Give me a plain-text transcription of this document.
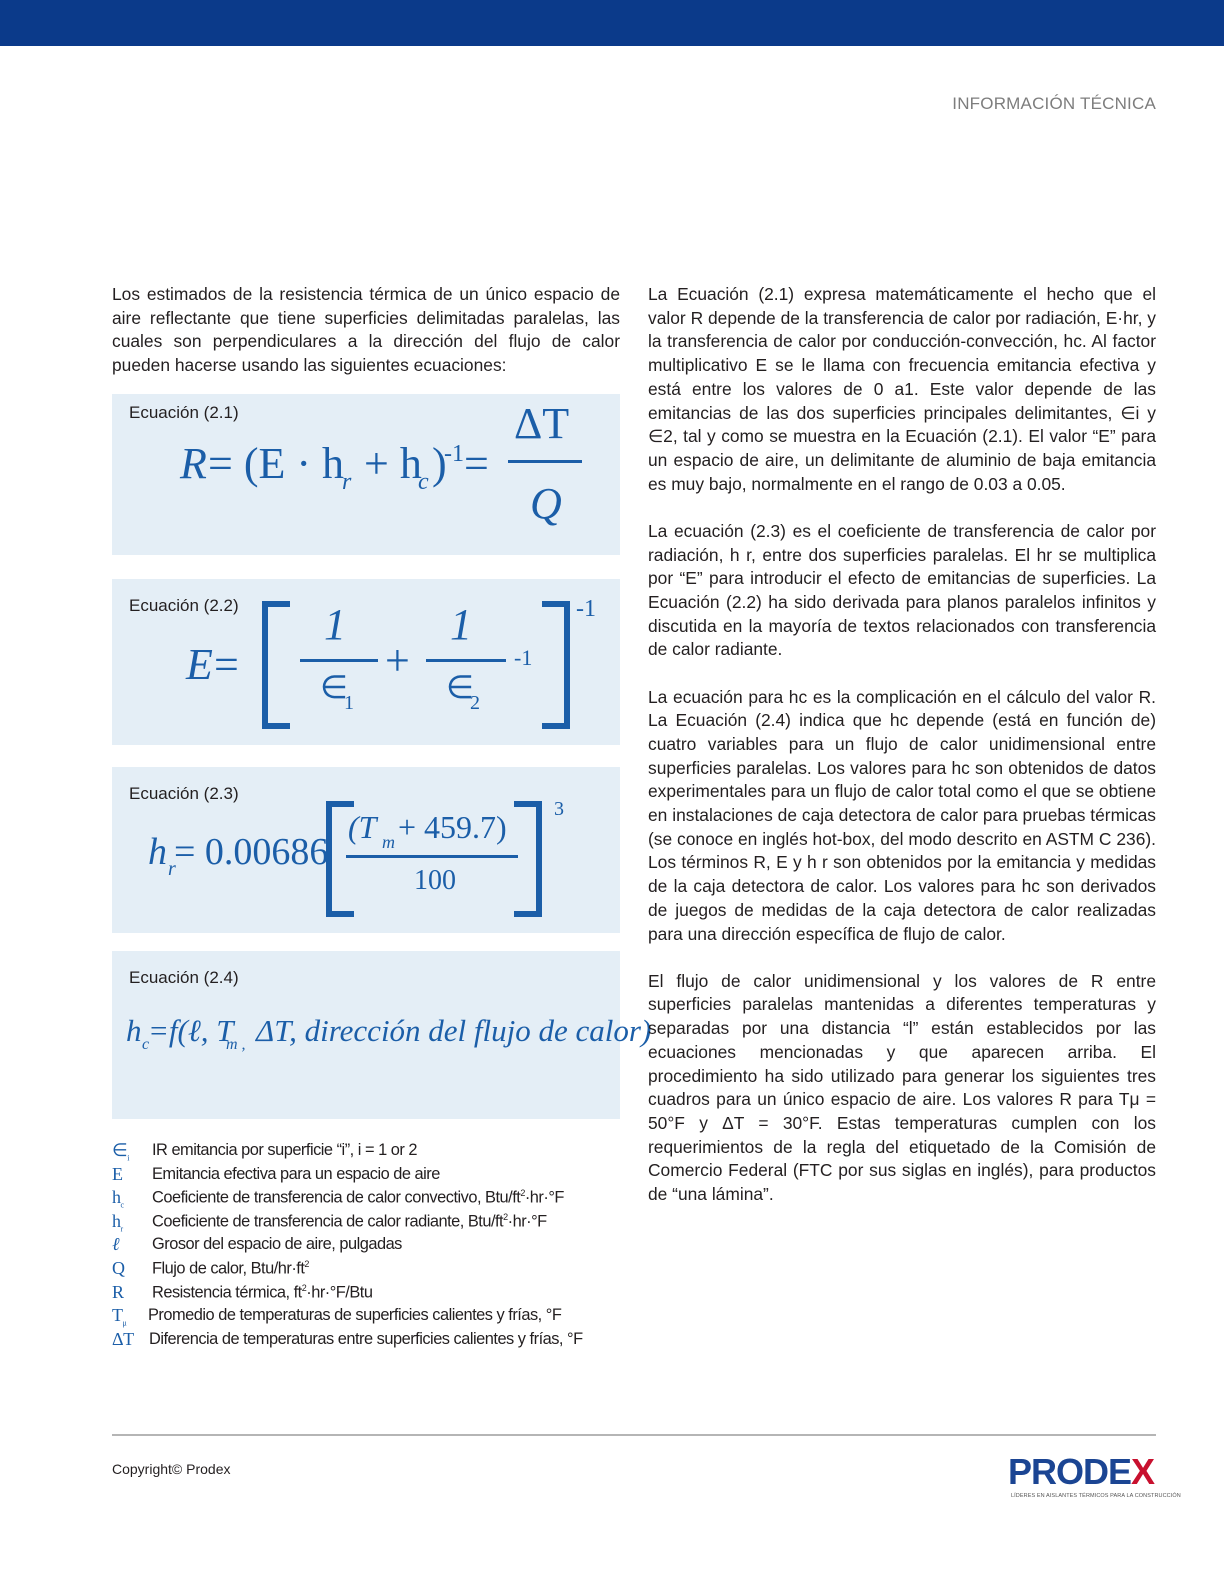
INFORMACIÓN TÉCNICA

Los estimados de la resistencia térmica de un único espacio de aire reflectante que tiene superficies delimitadas paralelas, las cuales son perpendiculares a la dirección del flujo de calor pueden hacerse usando las siguientes ecuaciones:

Ecuación (2.1)
R = (E · h
r + h
c )
-1 =
ΔT
Q
Ecuación (2.2)
E =
1
∈
1
+
1
∈
2
-1
-1
Ecuación (2.3)
h r
= 0.00686
(T m + 459.7)
100
3
Ecuación (2.4)
h c
=f(ℓ, T
m , ΔT, dirección del flujo de calor)
$\in_i$ IR emitancia por superficie “i”, i = 1 or 2
E Emitancia efectiva para un espacio de aire
$h_c$ Coeficiente de transferencia de calor convectivo, Btu/$ft^2\cdot hr\cdot^\circ F$
$h_r$ Coeficiente de transferencia de calor radiante, Btu/$ft^2\cdot hr\cdot^\circ F$
ℓ Grosor del espacio de aire, pulgadas
Q Flujo de calor, Btu/$hr\cdot ft^2$
R Resistencia térmica, $ft^2\cdot hr\cdot^\circ F$/Btu
$T_\mu$ Promedio de temperaturas de superficies calientes y frías, °F
ΔT Diferencia de temperaturas entre superficies calientes y frías, °F

La Ecuación (2.1) expresa matemáticamente el hecho que el valor R depende de la transferencia de calor por radiación, E·hr, y la transferencia de calor por conducción-convección, hc. Al factor multiplicativo E se le llama con frecuencia emitancia efectiva y está entre los valores de 0 a1. Este valor depende de las emitancias de las dos superficies principales delimitantes, ∈i y ∈2, tal y como se muestra en la Ecuación (2.1). El valor “E” para un espacio de aire, un delimitante de aluminio de baja emitancia es muy bajo, normalmente en el rango de 0.03 a 0.05.

La ecuación (2.3) es el coeficiente de transferencia de calor por radiación, h r, entre dos superficies paralelas. El hr se multiplica por “E” para introducir el efecto de emitancias de superficies. La Ecuación (2.2) ha sido derivada para planos paralelos infinitos y discutida en la mayoría de textos relacionados con transferencia de calor radiante.

La ecuación para hc es la complicación en el cálculo del valor R. La Ecuación (2.4) indica que hc depende (está en función de) cuatro variables para un flujo de calor unidimensional entre superficies paralelas. Los valores para hc son obtenidos de datos experimentales para un flujo de calor total como el que se obtiene en instalaciones de caja detectora de calor para pruebas térmicas (se conoce en inglés hot-box, del modo descrito en ASTM C 236). Los términos R, E y h r son obtenidos por la emitancia y medidas de la caja detectora de calor. Los valores para hc son derivados de juegos de medidas de la caja detectora de calor realizadas para una dirección específica de flujo de calor.

El flujo de calor unidimensional y los valores de R entre superficies paralelas mantenidas a diferentes temperaturas y separadas por una distancia “l” están establecidos por las ecuaciones mencionadas y que aparecen arriba. El procedimiento ha sido utilizado para generar los siguientes tres cuadros para un único espacio de aire. Los valores R para Tμ = 50°F y ΔT = 30°F. Estas temperaturas cumplen con los requerimientos de la regla del etiquetado de la Comisión de Comercio Federal (FTC por sus siglas en inglés), para productos de “una lámina”.

Copyright© Prodex	PRODEX
LÍDERES EN AISLANTES TÉRMICOS PARA LA CONSTRUCCIÓN
